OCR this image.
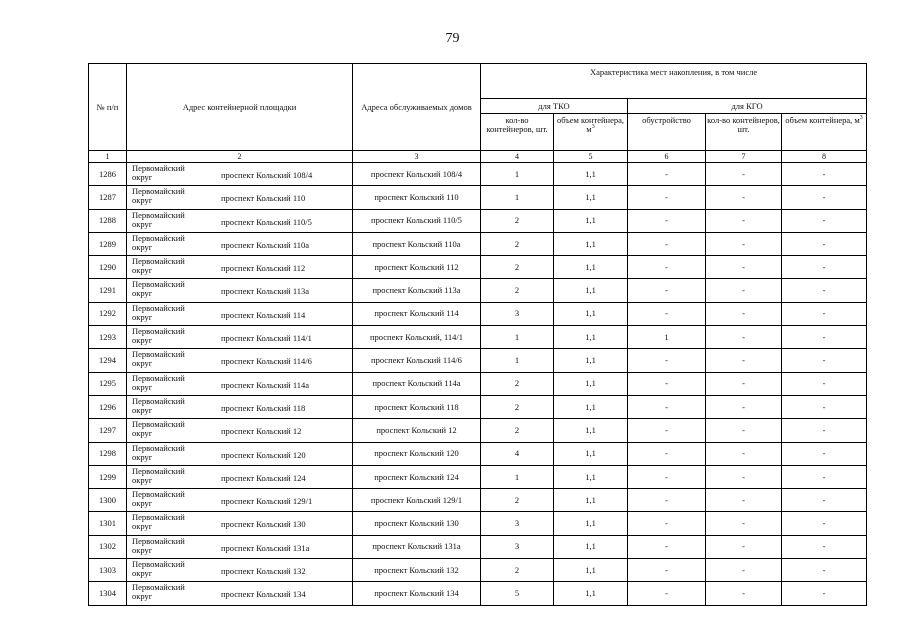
79
№ п/п	Адрес контейнерной площадки	Адреса обслуживаемых домов	Характеристика мест накопления, в том числе				
			для ТКО		для КГО		
			кол-во контейнеров, шт.	объем контейнера, $м^3$	обустройство	кол-во контейнеров, шт.	объем контейнера, $м^3$
1	2	3	4	5	6	7	8
1286	Первомайский округ проспект Кольский 108/4	проспект Кольский 108/4	1	1,1	-	-	-
1287	Первомайский округ проспект Кольский 110	проспект Кольский 110	1	1,1	-	-	-
1288	Первомайский округ проспект Кольский 110/5	проспект Кольский 110/5	2	1,1	-	-	-
1289	Первомайский округ проспект Кольский 110а	проспект Кольский 110а	2	1,1	-	-	-
1290	Первомайский округ проспект Кольский 112	проспект Кольский 112	2	1,1	-	-	-
1291	Первомайский округ проспект Кольский 113а	проспект Кольский 113а	2	1,1	-	-	-
1292	Первомайский округ проспект Кольский 114	проспект Кольский 114	3	1,1	-	-	-
1293	Первомайский округ проспект Кольский 114/1	проспект Кольский, 114/1	1	1,1	1	-	-
1294	Первомайский округ проспект Кольский 114/6	проспект Кольский 114/6	1	1,1	-	-	-
1295	Первомайский округ проспект Кольский 114а	проспект Кольский 114а	2	1,1	-	-	-
1296	Первомайский округ проспект Кольский 118	проспект Кольский 118	2	1,1	-	-	-
1297	Первомайский округ проспект Кольский 12	проспект Кольский 12	2	1,1	-	-	-
1298	Первомайский округ проспект Кольский 120	проспект Кольский 120	4	1,1	-	-	-
1299	Первомайский округ проспект Кольский 124	проспект Кольский 124	1	1,1	-	-	-
1300	Первомайский округ проспект Кольский 129/1	проспект Кольский 129/1	2	1,1	-	-	-
1301	Первомайский округ проспект Кольский 130	проспект Кольский 130	3	1,1	-	-	-
1302	Первомайский округ проспект Кольский 131а	проспект Кольский 131а	3	1,1	-	-	-
1303	Первомайский округ проспект Кольский 132	проспект Кольский 132	2	1,1	-	-	-
1304	Первомайский округ проспект Кольский 134	проспект Кольский 134	5	1,1	-	-	-
